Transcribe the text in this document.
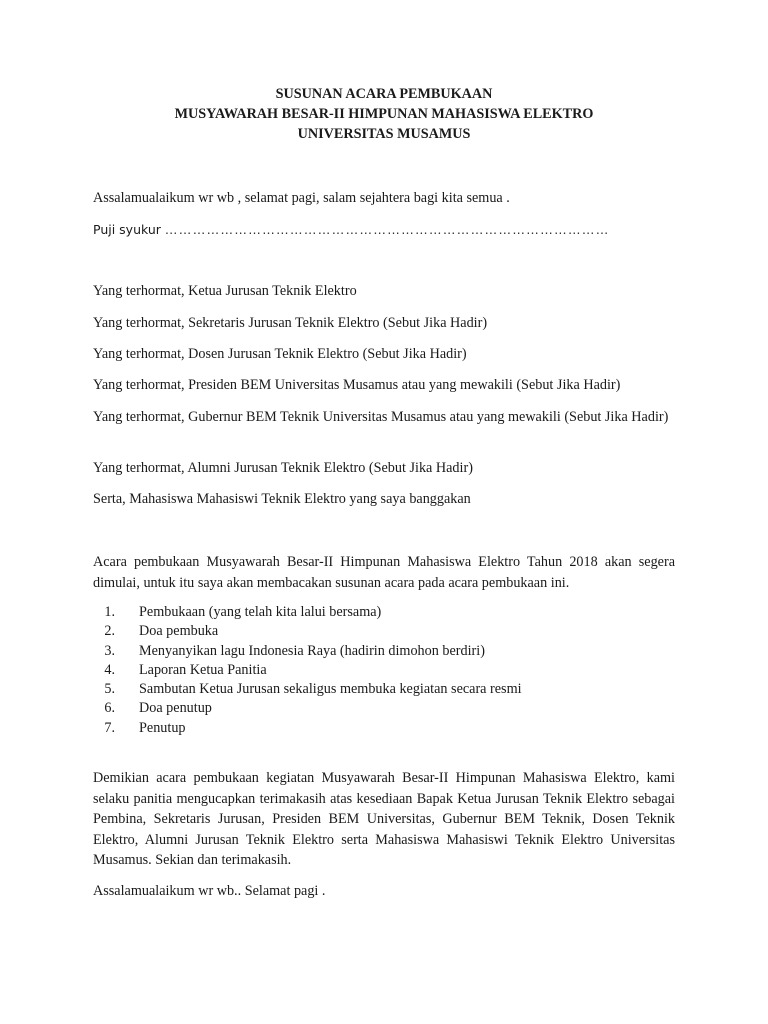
SUSUNAN ACARA PEMBUKAAN
MUSYAWARAH BESAR-II HIMPUNAN MAHASISWA ELEKTRO
UNIVERSITAS MUSAMUS
Assalamualaikum wr wb , selamat pagi, salam sejahtera bagi kita semua .
Puji syukur ……………………………………………………………………………………
Yang terhormat, Ketua Jurusan Teknik Elektro
Yang terhormat, Sekretaris Jurusan Teknik Elektro (Sebut Jika Hadir)
Yang terhormat, Dosen Jurusan Teknik Elektro (Sebut Jika Hadir)
Yang terhormat, Presiden BEM Universitas Musamus atau yang mewakili (Sebut Jika Hadir)
Yang terhormat, Gubernur BEM Teknik Universitas Musamus atau yang mewakili (Sebut Jika Hadir)
Yang terhormat, Alumni Jurusan Teknik Elektro (Sebut Jika Hadir)
Serta, Mahasiswa Mahasiswi Teknik Elektro yang saya banggakan
Acara pembukaan Musyawarah Besar-II Himpunan Mahasiswa Elektro Tahun 2018 akan segera dimulai, untuk itu saya akan membacakan susunan acara pada acara pembukaan ini.
1. Pembukaan (yang telah kita lalui bersama)
2. Doa pembuka
3. Menyanyikan lagu Indonesia Raya (hadirin dimohon berdiri)
4. Laporan Ketua Panitia
5. Sambutan Ketua Jurusan sekaligus membuka kegiatan secara resmi
6. Doa penutup
7. Penutup
Demikian acara pembukaan kegiatan Musyawarah Besar-II Himpunan Mahasiswa Elektro, kami selaku panitia mengucapkan terimakasih atas kesediaan Bapak Ketua Jurusan Teknik Elektro sebagai Pembina, Sekretaris Jurusan, Presiden BEM Universitas, Gubernur BEM Teknik, Dosen Teknik Elektro, Alumni Jurusan Teknik Elektro serta Mahasiswa Mahasiswi Teknik Elektro Universitas Musamus. Sekian dan terimakasih.
Assalamualaikum wr wb.. Selamat pagi .
